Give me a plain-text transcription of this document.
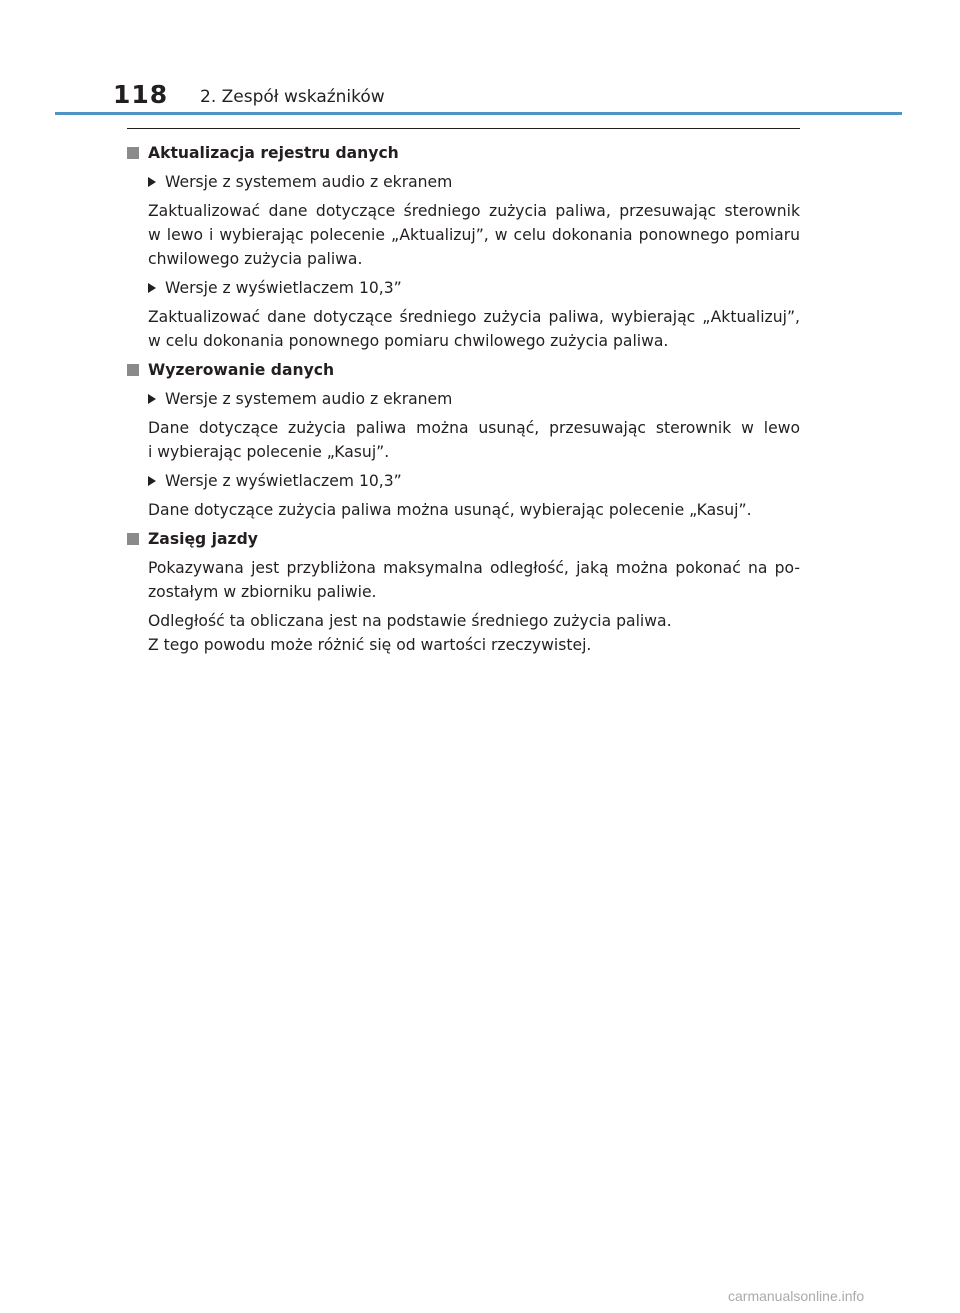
118 2. Zespół wskaźników
Aktualizacja rejestru danych
Wersje z systemem audio z ekranem
Zaktualizować dane dotyczące średniego zużycia paliwa, przesuwając sterownik
w lewo i wybierając polecenie „Aktualizuj”, w celu dokonania ponownego pomiaru
chwilowego zużycia paliwa.
Wersje z wyświetlaczem 10,3”
Zaktualizować dane dotyczące średniego zużycia paliwa, wybierając „Aktualizuj”,
w celu dokonania ponownego pomiaru chwilowego zużycia paliwa.
Wyzerowanie danych
Wersje z systemem audio z ekranem
Dane dotyczące zużycia paliwa można usunąć, przesuwając sterownik w lewo
i wybierając polecenie „Kasuj”.
Wersje z wyświetlaczem 10,3”
Dane dotyczące zużycia paliwa można usunąć, wybierając polecenie „Kasuj”.
Zasięg jazdy
Pokazywana jest przybliżona maksymalna odległość, jaką można pokonać na po-
zostałym w zbiorniku paliwie.
Odległość ta obliczana jest na podstawie średniego zużycia paliwa.
Z tego powodu może różnić się od wartości rzeczywistej.
carmanualsonline.info
